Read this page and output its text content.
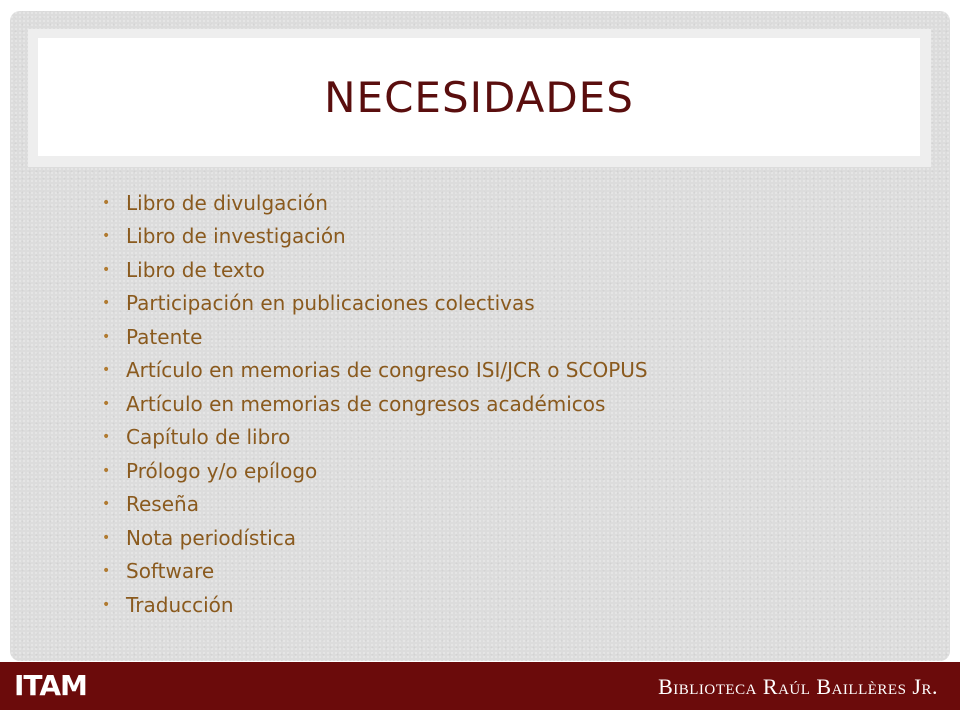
NECESIDADES
• Libro de divulgación
• Libro de investigación
• Libro de texto
• Participación en publicaciones colectivas
• Patente
• Artículo en memorias de congreso ISI/JCR o SCOPUS
• Artículo en memorias de congresos académicos
• Capítulo de libro
• Prólogo y/o epílogo
• Reseña
• Nota periodística
• Software
• Traducción
ITAM	Biblioteca Raúl Baillères Jr.
